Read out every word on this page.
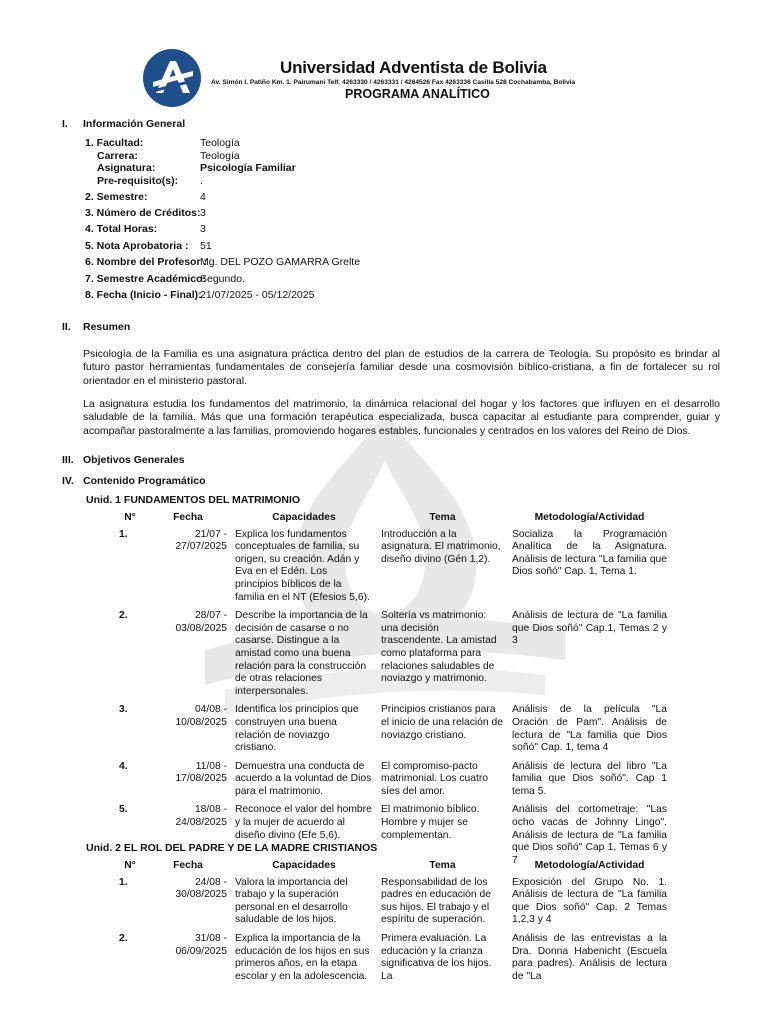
Universidad Adventista de Bolivia
Av. Simón I. Patiño Km. 1. Pairumani Telf. 4263330 / 4263331 / 4264526 Fax 4263336 Casilla 528 Cochabamba, Bolivia
PROGRAMA ANALÍTICO
I. Información General
1. Facultad:	Teología
Carrera:	Teología
Asignatura:	Psicología Familiar
Pre-requisito(s): .
2. Semestre:	4
3. Número de Créditos: 3
4. Total Horas:	3
5. Nota Aprobatoria : 51
6. Nombre del Profesor :
Mg. DEL POZO GAMARRA Grelte
7. Semestre Académico:
Segundo.
8. Fecha (Inicio - Final):
21/07/2025 - 05/12/2025
II. Resumen
Psicología de la Familia es una asignatura práctica dentro del plan de estudios de la carrera de Teología. Su propósito es brindar al futuro pastor herramientas fundamentales de consejería familiar desde una cosmovisión bíblico-cristiana, a fin de fortalecer su rol orientador en el ministerio pastoral.
La asignatura estudia los fundamentos del matrimonio, la dinámica relacional del hogar y los factores que influyen en el desarrollo saludable de la familia. Más que una formación terapéutica especializada, busca capacitar al estudiante para comprender, guiar y acompañar pastoralmente a las familias, promoviendo hogares estables, funcionales y centrados en los valores del Reino de Dios.
III. Objetivos Generales
IV. Contenido Programático
Unid. 1 FUNDAMENTOS DEL MATRIMONIO
N°	Fecha	Capacidades	Tema	Metodología/Actividad
1.	21/07 - 27/07/2025	Explica los fundamentos conceptuales de familia, su origen, su creación. Adán y Eva en el Edén. Los principios bíblicos de la familia en el NT (Efesios 5,6).	Introducción a la asignatura. El matrimonio, diseño divino (Gén 1,2).	Socializa la Programación Analítica de la Asignatura. Análisis de lectura "La familia que Dios soñó" Cap. 1, Tema 1.
2.	28/07 - 03/08/2025	Describe la importancia de la decisión de casarse o no casarse. Distingue a la amistad como una buena relación para la construcción de otras relaciones interpersonales.	Soltería vs matrimonio: una decisión trascendente. La amistad como plataforma para relaciones saludables de noviazgo y matrimonio.	Análisis de lectura de "La familia que Dios soñó" Cap.1, Temas 2 y 3
3.	04/08 - 10/08/2025	Identifica los principios que construyen una buena relación de noviazgo cristiano.	Principios cristianos para el inicio de una relación de noviazgo cristiano.	Análisis de la película "La Oración de Pam". Análisis de lectura de "La familia que Dios soñó" Cap. 1, tema 4
4.	11/08 - 17/08/2025	Demuestra una conducta de acuerdo a la voluntad de Dios para el matrimonio.	El compromiso-pacto matrimonial. Los cuatro síes del amor.	Análisis de lectura del libro "La familia que Dios soñó". Cap 1 tema 5.
5.	18/08 - 24/08/2025	Reconoce el valor del hombre y la mujer de acuerdo al diseño divino (Efe 5,6).	El matrimonio bíblico. Hombre y mujer se complementan.	Análisis del cortometraje: "Las ocho vacas de Johnny Lingo". Análisis de lectura de "La familia que Dios soñó" Cap 1, Temas 6 y 7
Unid. 2 EL ROL DEL PADRE Y DE LA MADRE CRISTIANOS
N°	Fecha	Capacidades	Tema	Metodología/Actividad
1.	24/08 - 30/08/2025	Valora la importancia del trabajo y la superación personal en el desarrollo saludable de los hijos.	Responsabilidad de los padres en educación de sus hijos. El trabajo y el espíritu de superación.	Exposición del Grupo No. 1. Análisis de lectura de "La familia que Dios soñó" Cap. 2 Temas 1,2,3 y 4
2.	31/08 - 06/09/2025	Explica la importancia de la educación de los hijos en sus primeros años, en la etapa escolar y en la adolescencia.	Primera evaluación. La educación y la crianza significativa de los hijos. La	Análisis de las entrevistas a la Dra. Donna Habenicht (Escuela para padres). Análisis de lectura de "La
